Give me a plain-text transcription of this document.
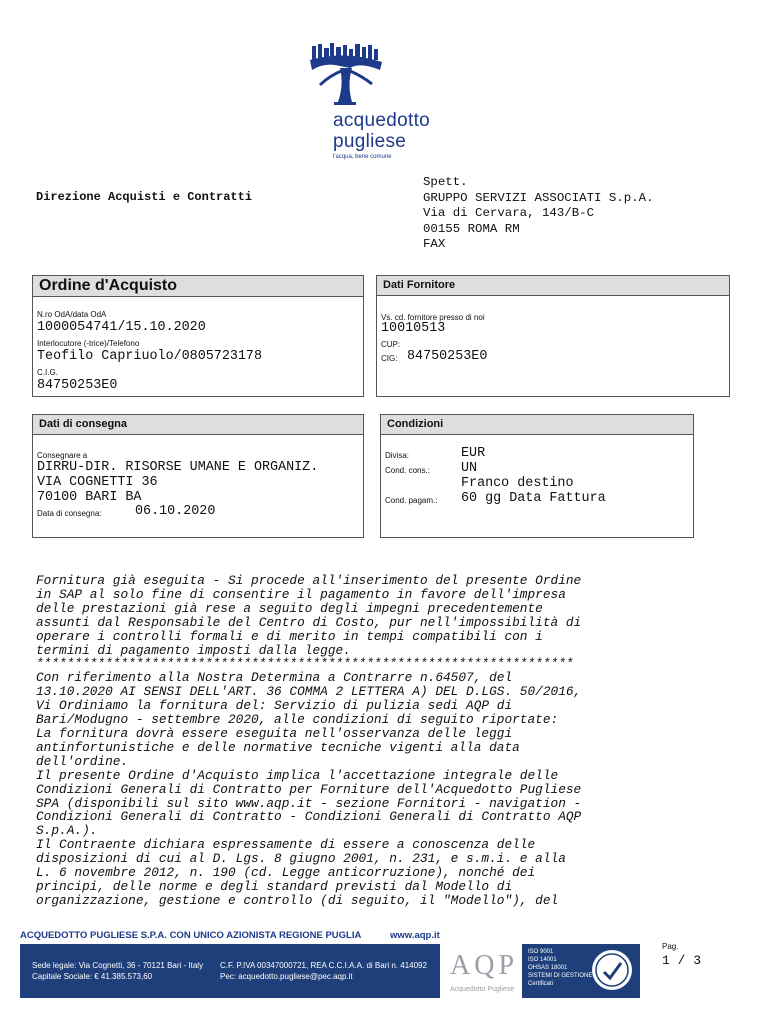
acquedotto
pugliese
l'acqua, bene comune
Direzione Acquisti e Contratti
Spett.
GRUPPO SERVIZI ASSOCIATI S.p.A.
Via di Cervara, 143/B-C
00155 ROMA RM
FAX
Ordine d'Acquisto
N.ro OdA/data OdA
1000054741/15.10.2020
Interlocutore (-trice)/Telefono
Teofilo Capriuolo/0805723178
C.I.G.
84750253E0
Dati Fornitore
Vs. cd. fornitore presso di noi
10010513
CUP:
CIG: 84750253E0
Dati di consegna
Consegnare a
DIRRU-DIR. RISORSE UMANE E ORGANIZ.
VIA COGNETTI 36
70100 BARI BA
Data di consegna:	06.10.2020
Condizioni
Divisa:	EUR
Cond. cons.: UN
Franco destino
Cond. pagam.: 60 gg Data Fattura
Fornitura già eseguita - Si procede all'inserimento del presente Ordine
in SAP al solo fine di consentire il pagamento in favore dell'impresa
delle prestazioni già rese a seguito degli impegni precedentemente
assunti dal Responsabile del Centro di Costo, pur nell'impossibilità di
operare i controlli formali e di merito in tempi compatibili con i
termini di pagamento imposti dalla legge.
**********************************************************************
Con riferimento alla Nostra Determina a Contrarre n.64507, del
13.10.2020 AI SENSI DELL'ART. 36 COMMA 2 LETTERA A) DEL D.LGS. 50/2016,
Vi Ordiniamo la fornitura del: Servizio di pulizia sedi AQP di
Bari/Modugno - settembre 2020, alle condizioni di seguito riportate:
La fornitura dovrà essere eseguita nell'osservanza delle leggi
antinfortunistiche e delle normative tecniche vigenti alla data
dell'ordine.
Il presente Ordine d'Acquisto implica l'accettazione integrale delle
Condizioni Generali di Contratto per Forniture dell'Acquedotto Pugliese
SPA (disponibili sul sito www.aqp.it - sezione Fornitori - navigation -
Condizioni Generali di Contratto - Condizioni Generali di Contratto AQP
S.p.A.).
Il Contraente dichiara espressamente di essere a conoscenza delle
disposizioni di cui al D. Lgs. 8 giugno 2001, n. 231, e s.m.i. e alla
L. 6 novembre 2012, n. 190 (cd. Legge anticorruzione), nonché dei
principi, delle norme e degli standard previsti dal Modello di
organizzazione, gestione e controllo (di seguito, il "Modello"), del
ACQUEDOTTO PUGLIESE S.P.A. CON UNICO AZIONISTA REGIONE PUGLIA	www.aqp.it
Sede legale: Via Cognetti, 36 - 70121 Bari - Italy
Capitale Sociale: € 41.385.573,60
C.F. P.IVA 00347000721, REA C.C.I.A.A. di Bari n. 414092
Pec: acquedotto.pugliese@pec.aqp.it	AQP
Acquedotto Pugliese
ISO 9001
ISO 14001
OHSAS 18001
SISTEMI DI GESTIONE
Certificati
Pag.
1 / 3
